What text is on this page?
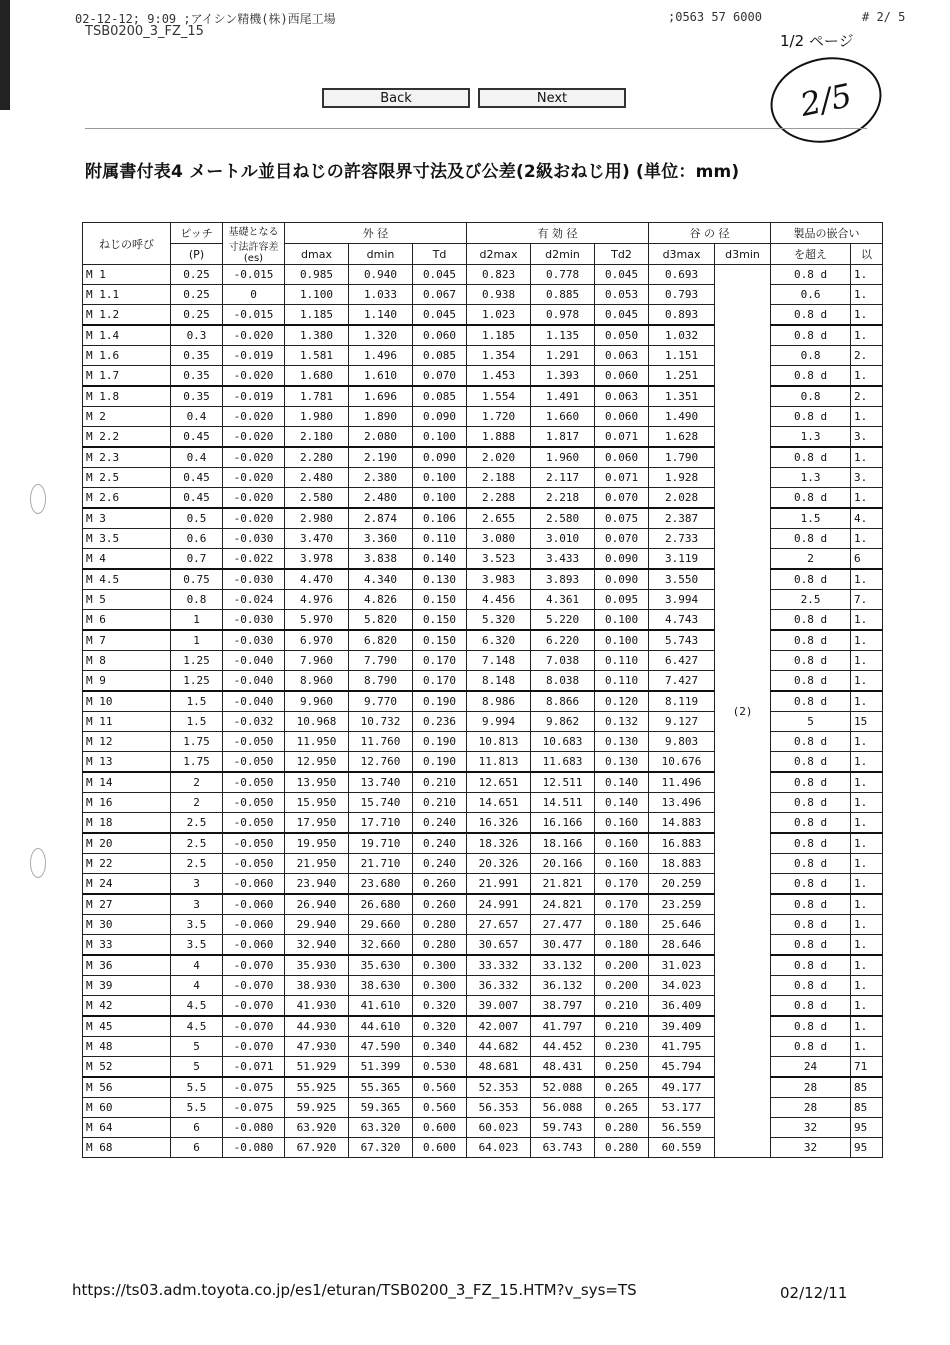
02-12-12; 9:09 ;アイシン精機(株)西尾工場	;0563 57 6000	# 2/ 5
TSB0200_3_FZ_15
1/2 ページ
2/5
Back	Next
附属書付表4 メートル並目ねじの許容限界寸法及び公差(2級おねじ用) (単位：mm)
ねじの呼び	ピッチ	基礎となる寸法許容差 (es)	外 径			有 効 径			谷 の 径		製品の嵌合い	
	(P)		dmax	dmin	Td	d2max	d2min	Td2	d3max	d3min	を超え	以
M 1	0.25	-0.015	0.985	0.940	0.045	0.823	0.778	0.045	0.693	(2)	0.8 d	1.
M 1.1	0.25	0	1.100	1.033	0.067	0.938	0.885	0.053	0.793		0.6	1.
M 1.2	0.25	-0.015	1.185	1.140	0.045	1.023	0.978	0.045	0.893		0.8 d	1.
M 1.4	0.3	-0.020	1.380	1.320	0.060	1.185	1.135	0.050	1.032		0.8 d	1.
M 1.6	0.35	-0.019	1.581	1.496	0.085	1.354	1.291	0.063	1.151		0.8	2.
M 1.7	0.35	-0.020	1.680	1.610	0.070	1.453	1.393	0.060	1.251		0.8 d	1.
M 1.8	0.35	-0.019	1.781	1.696	0.085	1.554	1.491	0.063	1.351		0.8	2.
M 2	0.4	-0.020	1.980	1.890	0.090	1.720	1.660	0.060	1.490		0.8 d	1.
M 2.2	0.45	-0.020	2.180	2.080	0.100	1.888	1.817	0.071	1.628		1.3	3.
M 2.3	0.4	-0.020	2.280	2.190	0.090	2.020	1.960	0.060	1.790		0.8 d	1.
M 2.5	0.45	-0.020	2.480	2.380	0.100	2.188	2.117	0.071	1.928		1.3	3.
M 2.6	0.45	-0.020	2.580	2.480	0.100	2.288	2.218	0.070	2.028		0.8 d	1.
M 3	0.5	-0.020	2.980	2.874	0.106	2.655	2.580	0.075	2.387		1.5	4.
M 3.5	0.6	-0.030	3.470	3.360	0.110	3.080	3.010	0.070	2.733		0.8 d	1.
M 4	0.7	-0.022	3.978	3.838	0.140	3.523	3.433	0.090	3.119		2	6
M 4.5	0.75	-0.030	4.470	4.340	0.130	3.983	3.893	0.090	3.550		0.8 d	1.
M 5	0.8	-0.024	4.976	4.826	0.150	4.456	4.361	0.095	3.994		2.5	7.
M 6	1	-0.030	5.970	5.820	0.150	5.320	5.220	0.100	4.743		0.8 d	1.
M 7	1	-0.030	6.970	6.820	0.150	6.320	6.220	0.100	5.743		0.8 d	1.
M 8	1.25	-0.040	7.960	7.790	0.170	7.148	7.038	0.110	6.427		0.8 d	1.
M 9	1.25	-0.040	8.960	8.790	0.170	8.148	8.038	0.110	7.427		0.8 d	1.
M 10	1.5	-0.040	9.960	9.770	0.190	8.986	8.866	0.120	8.119		0.8 d	1.
M 11	1.5	-0.032	10.968	10.732	0.236	9.994	9.862	0.132	9.127		5	15
M 12	1.75	-0.050	11.950	11.760	0.190	10.813	10.683	0.130	9.803		0.8 d	1.
M 13	1.75	-0.050	12.950	12.760	0.190	11.813	11.683	0.130	10.676		0.8 d	1.
M 14	2	-0.050	13.950	13.740	0.210	12.651	12.511	0.140	11.496		0.8 d	1.
M 16	2	-0.050	15.950	15.740	0.210	14.651	14.511	0.140	13.496		0.8 d	1.
M 18	2.5	-0.050	17.950	17.710	0.240	16.326	16.166	0.160	14.883		0.8 d	1.
M 20	2.5	-0.050	19.950	19.710	0.240	18.326	18.166	0.160	16.883		0.8 d	1.
M 22	2.5	-0.050	21.950	21.710	0.240	20.326	20.166	0.160	18.883		0.8 d	1.
M 24	3	-0.060	23.940	23.680	0.260	21.991	21.821	0.170	20.259		0.8 d	1.
M 27	3	-0.060	26.940	26.680	0.260	24.991	24.821	0.170	23.259		0.8 d	1.
M 30	3.5	-0.060	29.940	29.660	0.280	27.657	27.477	0.180	25.646		0.8 d	1.
M 33	3.5	-0.060	32.940	32.660	0.280	30.657	30.477	0.180	28.646		0.8 d	1.
M 36	4	-0.070	35.930	35.630	0.300	33.332	33.132	0.200	31.023		0.8 d	1.
M 39	4	-0.070	38.930	38.630	0.300	36.332	36.132	0.200	34.023		0.8 d	1.
M 42	4.5	-0.070	41.930	41.610	0.320	39.007	38.797	0.210	36.409		0.8 d	1.
M 45	4.5	-0.070	44.930	44.610	0.320	42.007	41.797	0.210	39.409		0.8 d	1.
M 48	5	-0.070	47.930	47.590	0.340	44.682	44.452	0.230	41.795		0.8 d	1.
M 52	5	-0.071	51.929	51.399	0.530	48.681	48.431	0.250	45.794		24	71
M 56	5.5	-0.075	55.925	55.365	0.560	52.353	52.088	0.265	49.177		28	85
M 60	5.5	-0.075	59.925	59.365	0.560	56.353	56.088	0.265	53.177		28	85
M 64	6	-0.080	63.920	63.320	0.600	60.023	59.743	0.280	56.559		32	95
M 68	6	-0.080	67.920	67.320	0.600	64.023	63.743	0.280	60.559		32	95
https://ts03.adm.toyota.co.jp/es1/eturan/TSB0200_3_FZ_15.HTM?v_sys=TS	02/12/11
